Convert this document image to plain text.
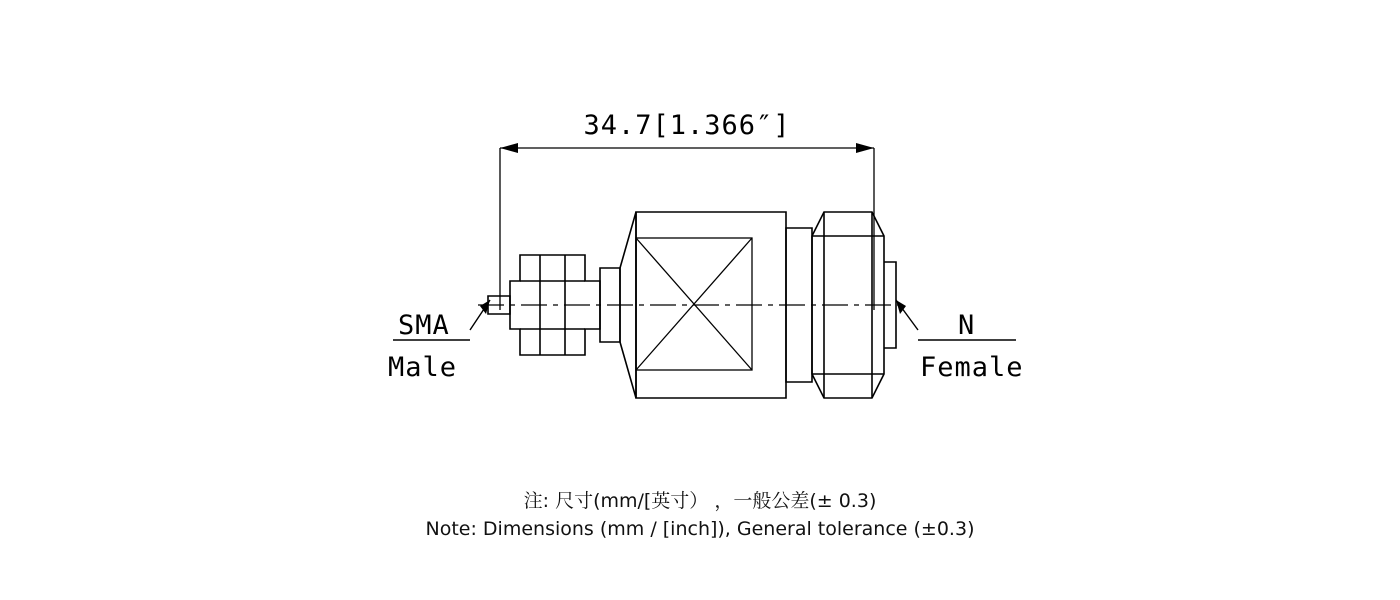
34.7[1.366″]
SMA
Male
N
Female
注: 尺寸(mm/[英寸） ，一般公差(± 0.3)
Note: Dimensions (mm / [inch]), General tolerance (±0.3)
